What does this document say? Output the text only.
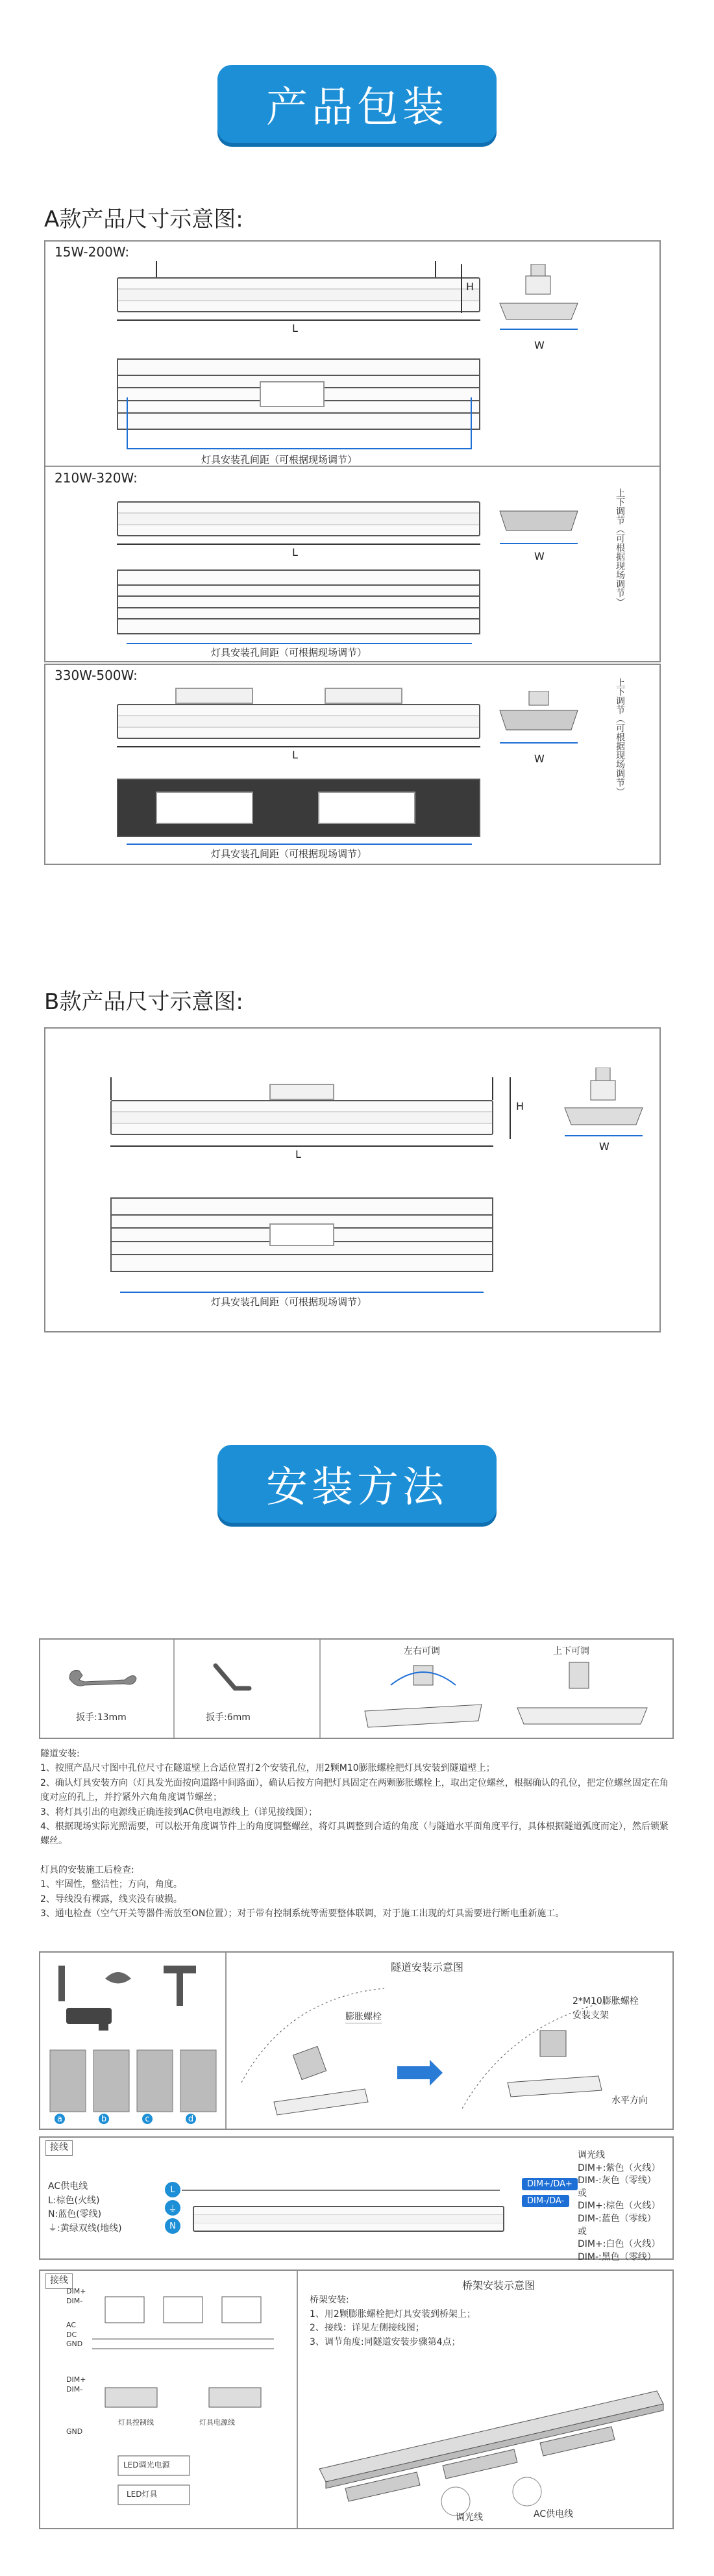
产品包装
A款产品尺寸示意图:
15W-200W:
L
H
W
灯具安装孔间距（可根据现场调节）
210W-320W:
L	W	上下调节（可根据现场调节）
灯具安装孔间距（可根据现场调节）
330W-500W:
L	W	上下调节（可根据现场调节）
灯具安装孔间距（可根据现场调节）
B款产品尺寸示意图:
L
H
W
灯具安装孔间距（可根据现场调节）
安装方法
扳手:13mm	扳手:6mm
左右可调	上下可调

隧道安装:

1、按照产品尺寸图中孔位尺寸在隧道壁上合适位置打2个安装孔位，用2颗M10膨胀螺栓把灯具安装到隧道壁上；

2、确认灯具安装方向（灯具发光面按向道路中间路面），确认后按方向把灯具固定在两颗膨胀螺栓上，取出定位螺丝，根据确认的孔位，把定位螺丝固定在角度对应的孔上，并拧紧外六角角度调节螺丝；

3、将灯具引出的电源线正确连接到AC供电电源线上（详见接线图）；

4、根据现场实际光照需要，可以松开角度调节件上的角度调整螺丝，将灯具调整到合适的角度（与隧道水平面角度平行，具体根据隧道弧度而定），然后锁紧螺丝。

灯具的安装施工后检查:

1、牢固性，整洁性；方向，角度。

2、导线没有裸露，线夹没有破损。

3、通电检查（空气开关等器件需放至ON位置）；对于带有控制系统等需要整体联调，对于施工出现的灯具需要进行断电重新施工。

隧道安装示意图
a	b	c	d
膨胀螺栓
2*M10膨胀螺栓
安装支架
水平方向
接线
AC供电线
L:棕色(火线)
N:蓝色(零线)
⏚:黄绿双线(地线)
L
⏚
N
DIM+/DA+
DIM-/DA-
调光线
DIM+:紫色（火线）
DIM-:灰色（零线）
或
DIM+:棕色（火线）
DIM-:蓝色（零线）
或
DIM+:白色（火线）
DIM-:黑色（零线）
接线	桥架安装示意图
桥架安装:
1、用2颗膨胀螺栓把灯具安装到桥架上；
2、接线：详见左侧接线图；
3、调节角度:同隧道安装步骤第4点；
DIM+
DIM-
AC
DC
GND
DIM+
DIM-
GND
灯具控制线	灯具电源线
LED调光电源
LED灯具
调光线	AC供电线
